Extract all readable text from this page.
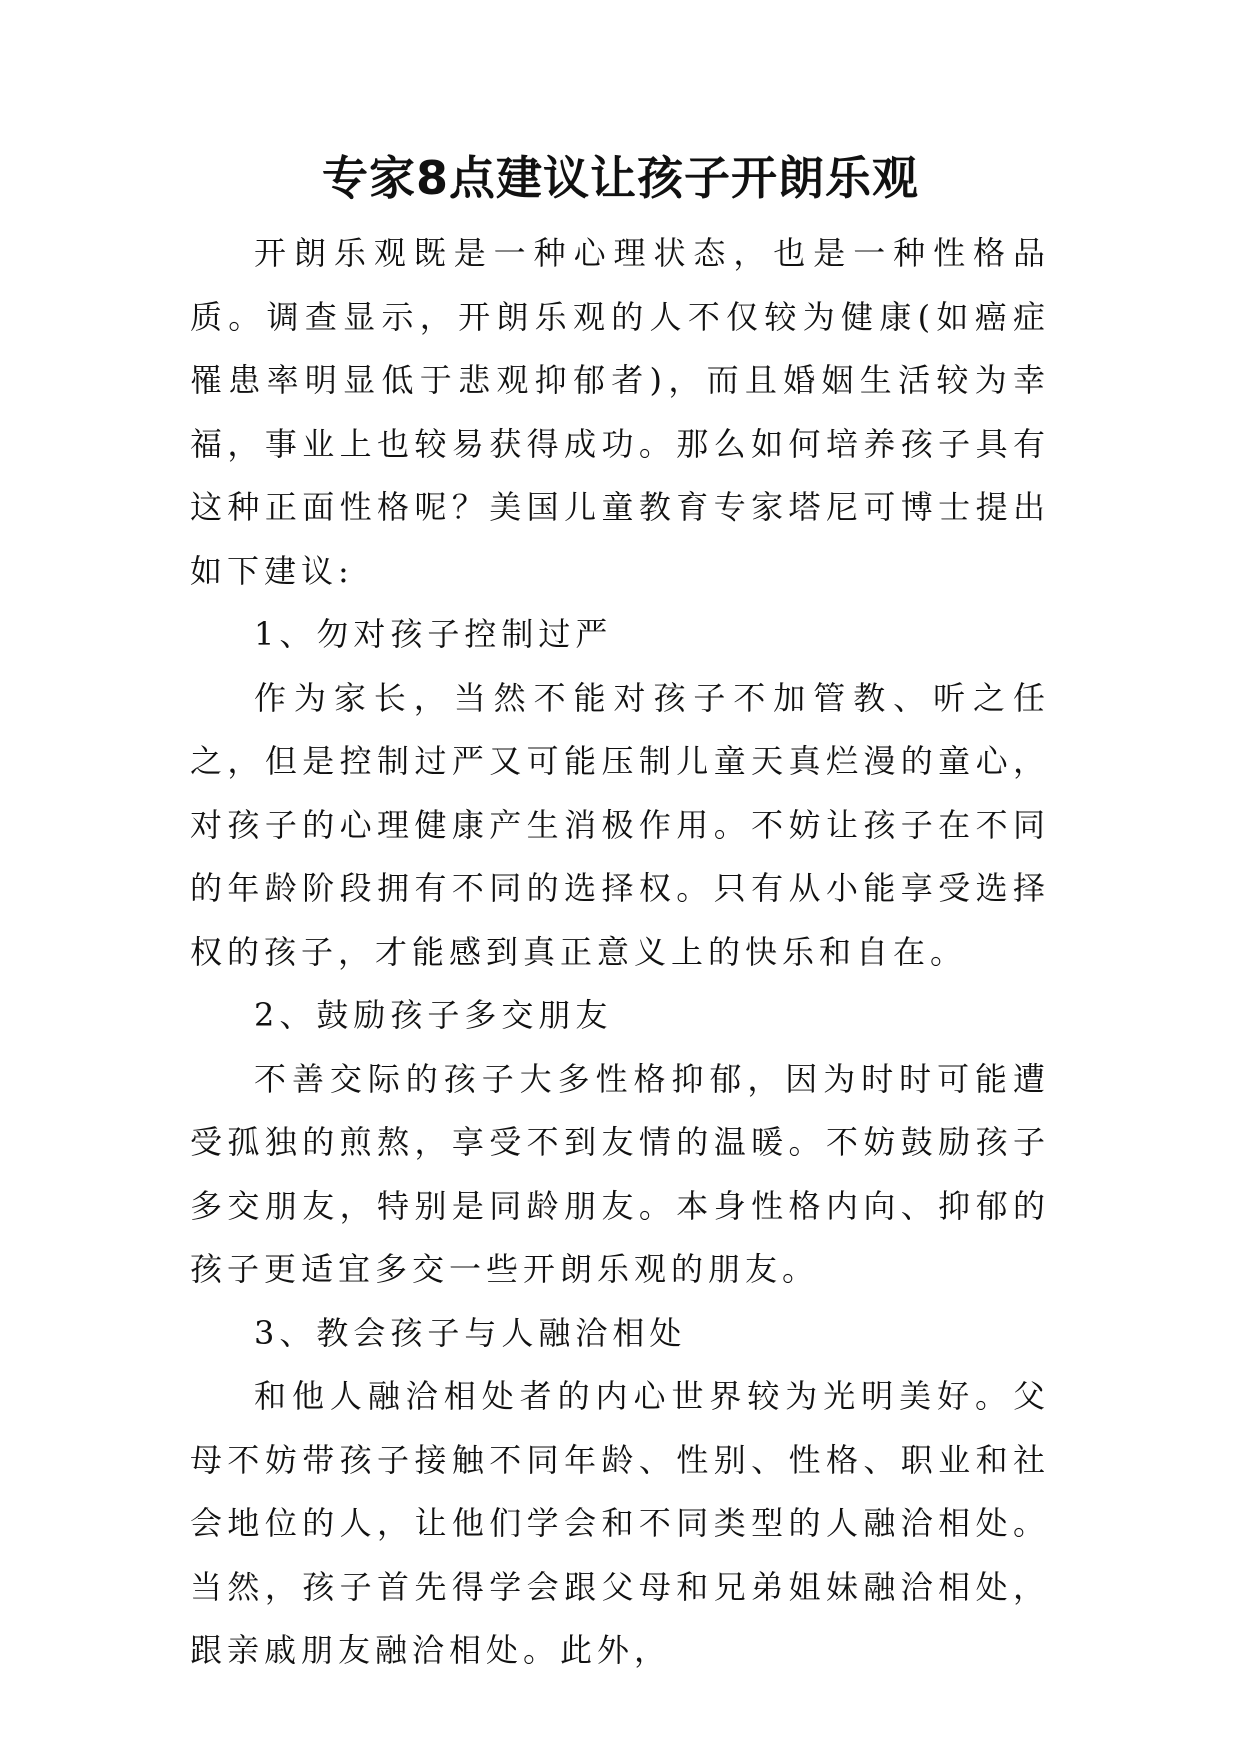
专家8点建议让孩子开朗乐观

开朗乐观既是一种心理状态，也是一种性格品质。调查显示，开朗乐观的人不仅较为健康(如癌症罹患率明显低于悲观抑郁者)，而且婚姻生活较为幸福，事业上也较易获得成功。那么如何培养孩子具有这种正面性格呢？美国儿童教育专家塔尼可博士提出如下建议:

1、勿对孩子控制过严

作为家长，当然不能对孩子不加管教、听之任之，但是控制过严又可能压制儿童天真烂漫的童心，对孩子的心理健康产生消极作用。不妨让孩子在不同的年龄阶段拥有不同的选择权。只有从小能享受选择权的孩子，才能感到真正意义上的快乐和自在。

2、鼓励孩子多交朋友

不善交际的孩子大多性格抑郁，因为时时可能遭受孤独的煎熬，享受不到友情的温暖。不妨鼓励孩子多交朋友，特别是同龄朋友。本身性格内向、抑郁的孩子更适宜多交一些开朗乐观的朋友。

3、教会孩子与人融洽相处

和他人融洽相处者的内心世界较为光明美好。父母不妨带孩子接触不同年龄、性别、性格、职业和社会地位的人，让他们学会和不同类型的人融洽相处。当然，孩子首先得学会跟父母和兄弟姐妹融洽相处，跟亲戚朋友融洽相处。此外，
